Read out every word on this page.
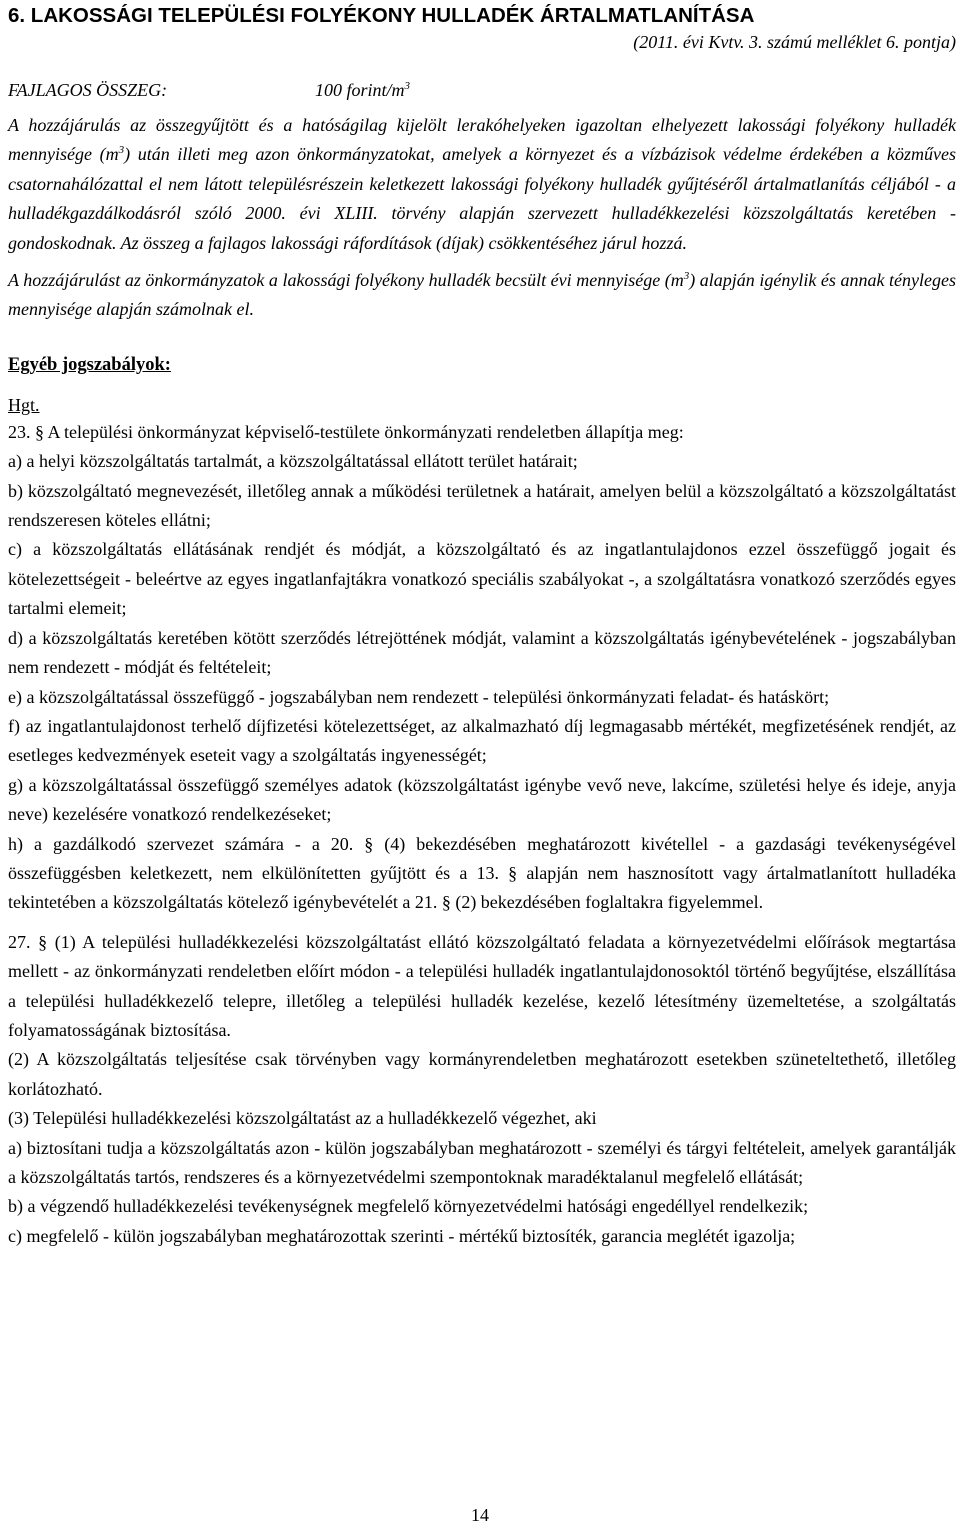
6. LAKOSSÁGI TELEPÜLÉSI FOLYÉKONY HULLADÉK ÁRTALMATLANÍTÁSA
(2011. évi Kvtv. 3. számú melléklet 6. pontja)
FAJLAGOS ÖSSZEG:	100 forint/$m^3$

A hozzájárulás az összegyűjtött és a hatóságilag kijelölt lerakóhelyeken igazoltan elhelyezett lakossági folyékony hulladék mennyisége $(m^3)$ után illeti meg azon önkormányzatokat, amelyek a környezet és a vízbázisok védelme érdekében a közműves csatornahálózattal el nem látott településrészein keletkezett lakossági folyékony hulladék gyűjtéséről ártalmatlanítás céljából - a hulladékgazdálkodásról szóló 2000. évi XLIII. törvény alapján szervezett hulladékkezelési közszolgáltatás keretében - gondoskodnak. Az összeg a fajlagos lakossági ráfordítások (díjak) csökkentéséhez járul hozzá.

A hozzájárulást az önkormányzatok a lakossági folyékony hulladék becsült évi mennyisége $(m^3)$ alapján igénylik és annak tényleges mennyisége alapján számolnak el.

Egyéb jogszabályok:
Hgt.

23. § A települési önkormányzat képviselő-testülete önkormányzati rendeletben állapítja meg:

a) a helyi közszolgáltatás tartalmát, a közszolgáltatással ellátott terület határait;

b) közszolgáltató megnevezését, illetőleg annak a működési területnek a határait, amelyen belül a közszolgáltató a közszolgáltatást rendszeresen köteles ellátni;

c) a közszolgáltatás ellátásának rendjét és módját, a közszolgáltató és az ingatlantulajdonos ezzel összefüggő jogait és kötelezettségeit - beleértve az egyes ingatlanfajtákra vonatkozó speciális szabályokat -, a szolgáltatásra vonatkozó szerződés egyes tartalmi elemeit;

d) a közszolgáltatás keretében kötött szerződés létrejöttének módját, valamint a közszolgáltatás igénybevételének - jogszabályban nem rendezett - módját és feltételeit;

e) a közszolgáltatással összefüggő - jogszabályban nem rendezett - települési önkormányzati feladat- és hatáskört;

f) az ingatlantulajdonost terhelő díjfizetési kötelezettséget, az alkalmazható díj legmagasabb mértékét, megfizetésének rendjét, az esetleges kedvezmények eseteit vagy a szolgáltatás ingyenességét;

g) a közszolgáltatással összefüggő személyes adatok (közszolgáltatást igénybe vevő neve, lakcíme, születési helye és ideje, anyja neve) kezelésére vonatkozó rendelkezéseket;

h) a gazdálkodó szervezet számára - a 20. § (4) bekezdésében meghatározott kivétellel - a gazdasági tevékenységével összefüggésben keletkezett, nem elkülönítetten gyűjtött és a 13. § alapján nem hasznosított vagy ártalmatlanított hulladéka tekintetében a közszolgáltatás kötelező igénybevételét a 21. § (2) bekezdésében foglaltakra figyelemmel.

27. § (1) A települési hulladékkezelési közszolgáltatást ellátó közszolgáltató feladata a környezetvédelmi előírások megtartása mellett - az önkormányzati rendeletben előírt módon - a települési hulladék ingatlantulajdonosoktól történő begyűjtése, elszállítása a települési hulladékkezelő telepre, illetőleg a települési hulladék kezelése, kezelő létesítmény üzemeltetése, a szolgáltatás folyamatosságának biztosítása.

(2) A közszolgáltatás teljesítése csak törvényben vagy kormányrendeletben meghatározott esetekben szüneteltethető, illetőleg korlátozható.

(3) Települési hulladékkezelési közszolgáltatást az a hulladékkezelő végezhet, aki

a) biztosítani tudja a közszolgáltatás azon - külön jogszabályban meghatározott - személyi és tárgyi feltételeit, amelyek garantálják a közszolgáltatás tartós, rendszeres és a környezetvédelmi szempontoknak maradéktalanul megfelelő ellátását;

b) a végzendő hulladékkezelési tevékenységnek megfelelő környezetvédelmi hatósági engedéllyel rendelkezik;

c) megfelelő - külön jogszabályban meghatározottak szerinti - mértékű biztosíték, garancia meglétét igazolja;

14
